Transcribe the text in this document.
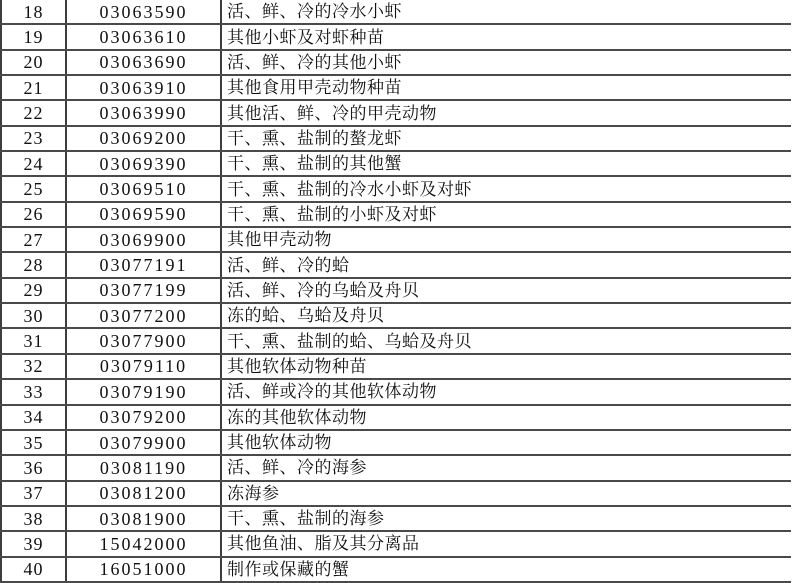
18	03063590	活、鲜、冷的冷水小虾
19	03063610	其他小虾及对虾种苗
20	03063690	活、鲜、冷的其他小虾
21	03063910	其他食用甲壳动物种苗
22	03063990	其他活、鲜、冷的甲壳动物
23	03069200	干、熏、盐制的螯龙虾
24	03069390	干、熏、盐制的其他蟹
25	03069510	干、熏、盐制的冷水小虾及对虾
26	03069590	干、熏、盐制的小虾及对虾
27	03069900	其他甲壳动物
28	03077191	活、鲜、冷的蛤
29	03077199	活、鲜、冷的乌蛤及舟贝
30	03077200	冻的蛤、乌蛤及舟贝
31	03077900	干、熏、盐制的蛤、乌蛤及舟贝
32	03079110	其他软体动物种苗
33	03079190	活、鲜或冷的其他软体动物
34	03079200	冻的其他软体动物
35	03079900	其他软体动物
36	03081190	活、鲜、冷的海参
37	03081200	冻海参
38	03081900	干、熏、盐制的海参
39	15042000	其他鱼油、脂及其分离品
40	16051000	制作或保藏的蟹
